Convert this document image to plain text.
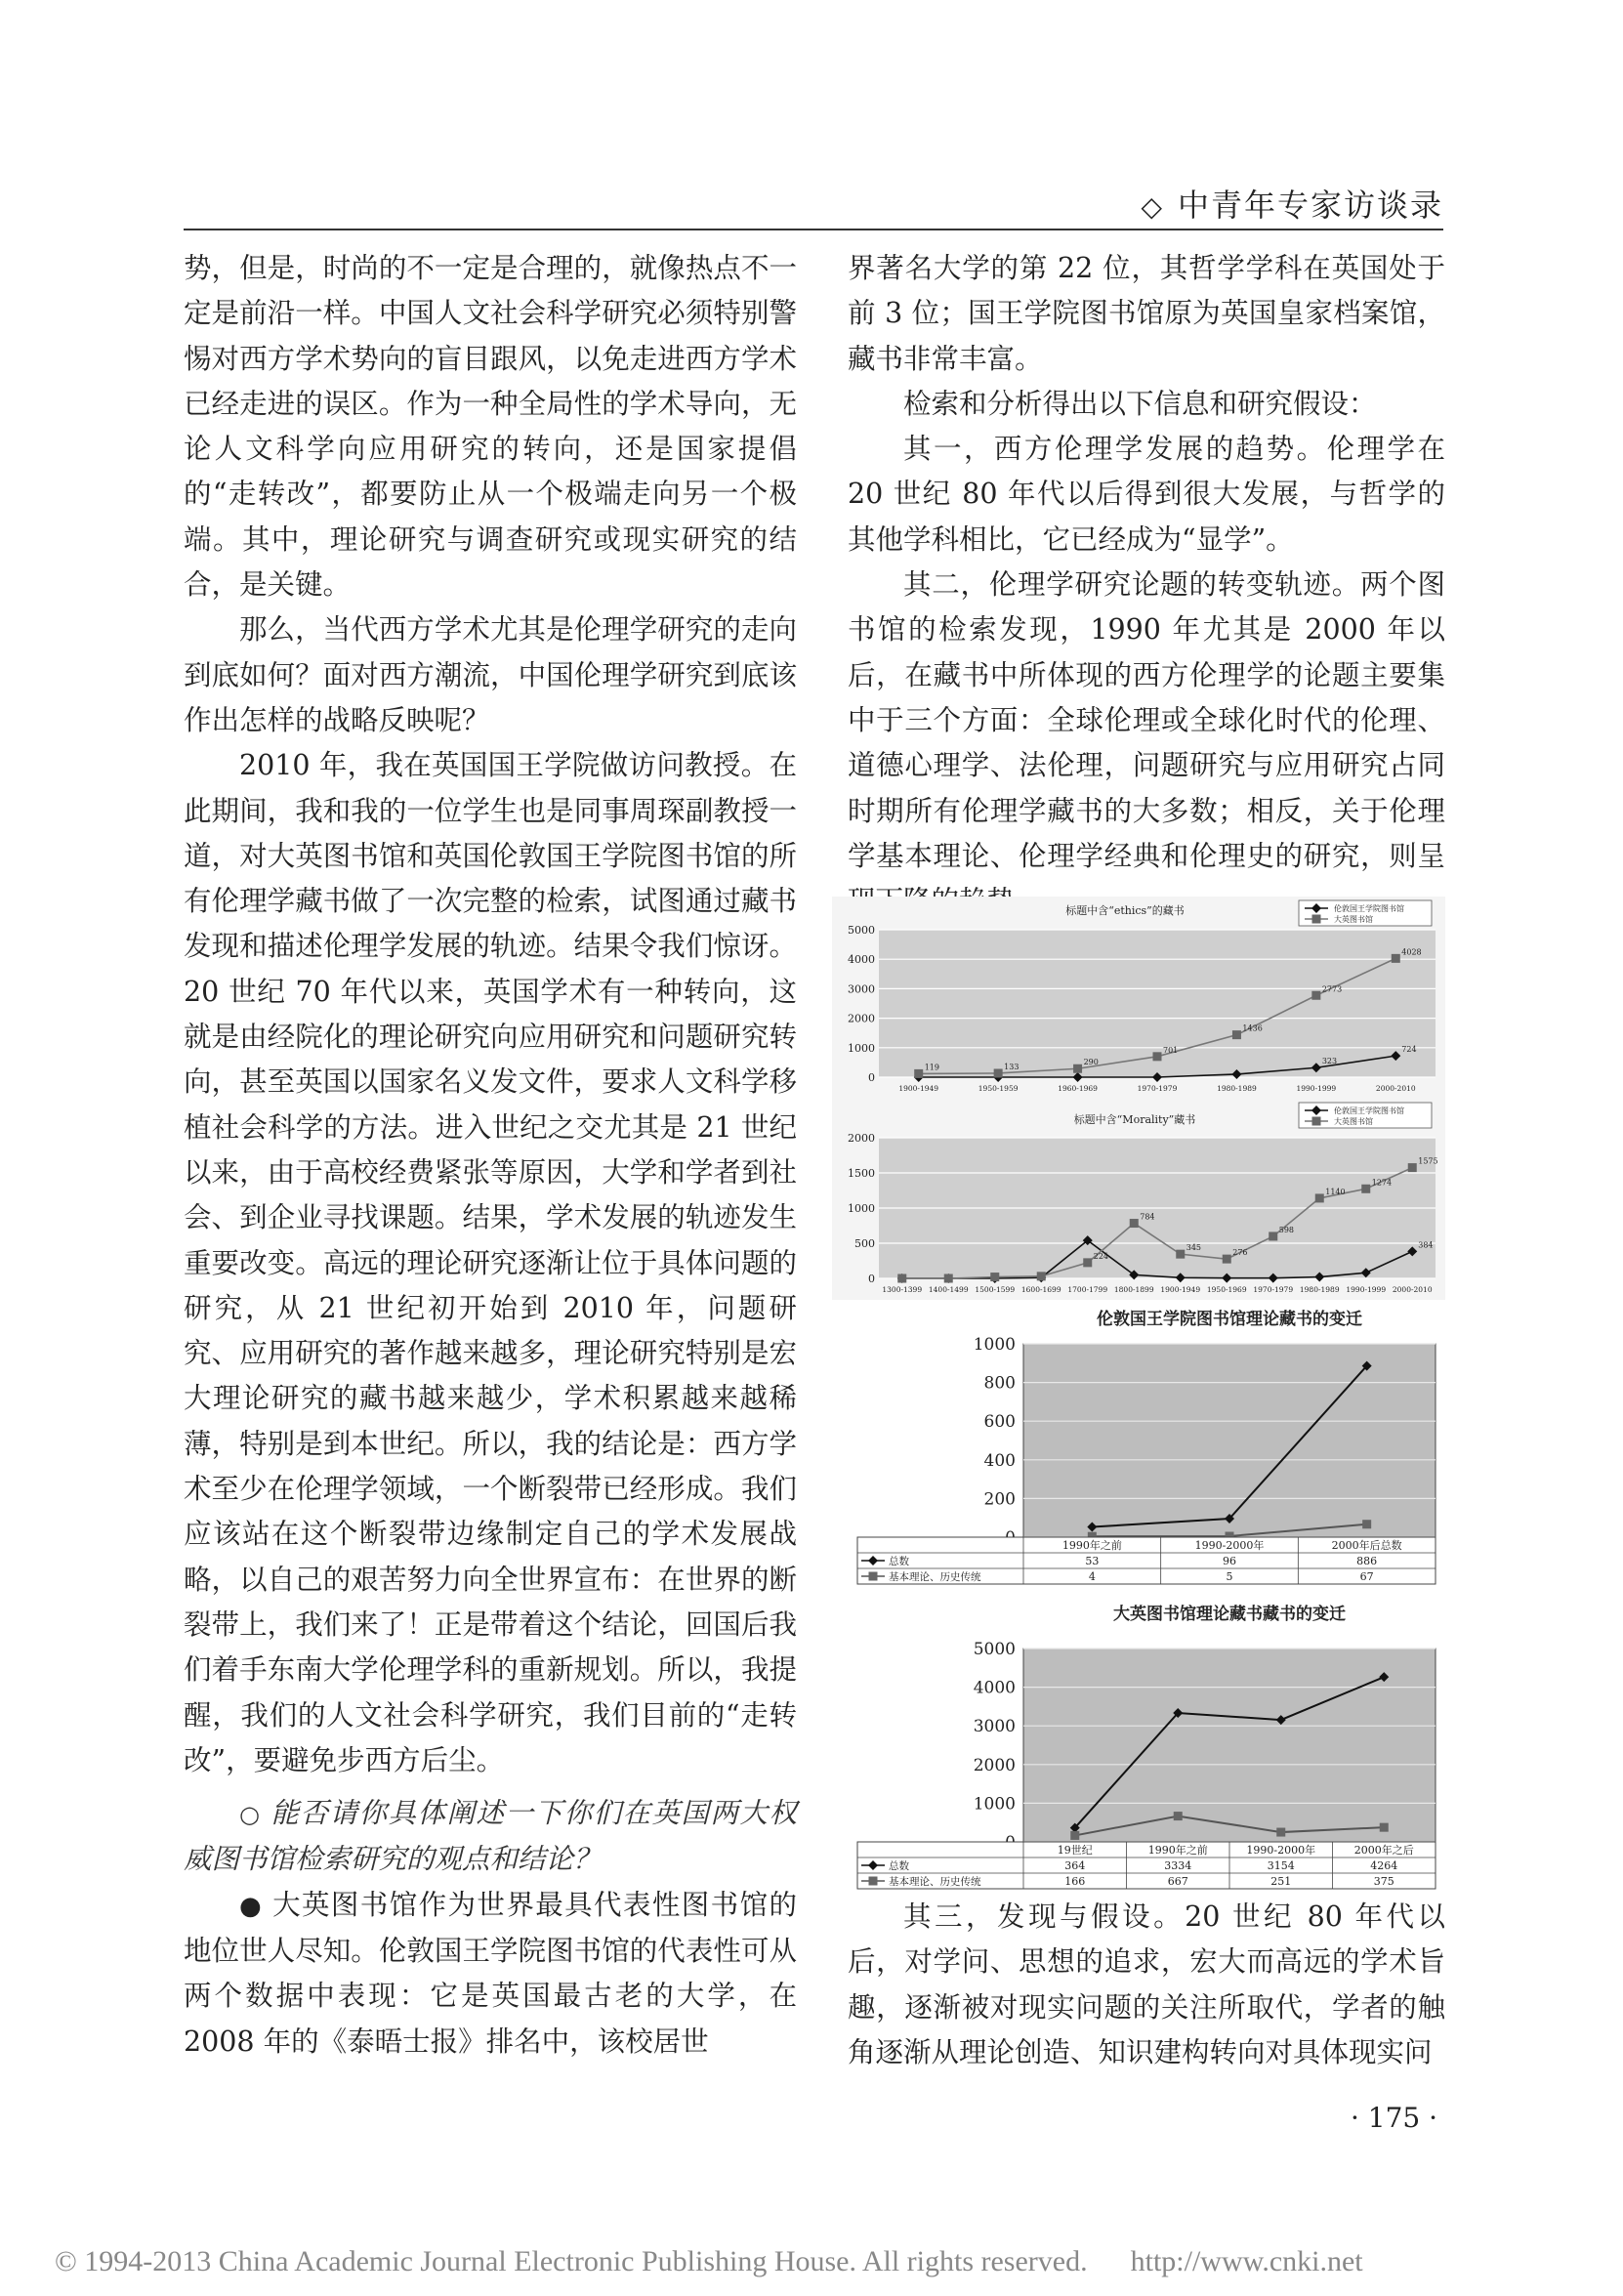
◇ 中青年专家访谈录

势，但是，时尚的不一定是合理的，就像热点不一定是前沿一样。中国人文社会科学研究必须特别警惕对西方学术势向的盲目跟风，以免走进西方学术已经走进的误区。作为一种全局性的学术导向，无论人文科学向应用研究的转向，还是国家提倡的“走转改”，都要防止从一个极端走向另一个极端。其中，理论研究与调查研究或现实研究的结合，是关键。

那么，当代西方学术尤其是伦理学研究的走向到底如何？面对西方潮流，中国伦理学研究到底该作出怎样的战略反映呢？

2010 年，我在英国国王学院做访问教授。在此期间，我和我的一位学生也是同事周琛副教授一道，对大英图书馆和英国伦敦国王学院图书馆的所有伦理学藏书做了一次完整的检索，试图通过藏书发现和描述伦理学发展的轨迹。结果令我们惊讶。20 世纪 70 年代以来，英国学术有一种转向，这就是由经院化的理论研究向应用研究和问题研究转向，甚至英国以国家名义发文件，要求人文科学移植社会科学的方法。进入世纪之交尤其是 21 世纪以来，由于高校经费紧张等原因，大学和学者到社会、到企业寻找课题。结果，学术发展的轨迹发生重要改变。高远的理论研究逐渐让位于具体问题的研究，从 21 世纪初开始到 2010 年，问题研究、应用研究的著作越来越多，理论研究特别是宏大理论研究的藏书越来越少，学术积累越来越稀薄，特别是到本世纪。所以，我的结论是：西方学术至少在伦理学领域，一个断裂带已经形成。我们应该站在这个断裂带边缘制定自己的学术发展战略，以自己的艰苦努力向全世界宣布：在世界的断裂带上，我们来了！正是带着这个结论，回国后我们着手东南大学伦理学科的重新规划。所以，我提醒，我们的人文社会科学研究，我们目前的“走转改”，要避免步西方后尘。

○ 能否请你具体阐述一下你们在英国两大权威图书馆检索研究的观点和结论？

● 大英图书馆作为世界最具代表性图书馆的地位世人尽知。伦敦国王学院图书馆的代表性可从两个数据中表现：它是英国最古老的大学，在 2008 年的《泰晤士报》排名中，该校居世

界著名大学的第 22 位，其哲学学科在英国处于前 3 位；国王学院图书馆原为英国皇家档案馆，藏书非常丰富。

检索和分析得出以下信息和研究假设：

其一，西方伦理学发展的趋势。伦理学在 20 世纪 80 年代以后得到很大发展，与哲学的其他学科相比，它已经成为“显学”。

其二，伦理学研究论题的转变轨迹。两个图书馆的检索发现，1990 年尤其是 2000 年以后，在藏书中所体现的西方伦理学的论题主要集中于三个方面：全球伦理或全球化时代的伦理、道德心理学、法伦理，问题研究与应用研究占同时期所有伦理学藏书的大多数；相反，关于伦理学基本理论、伦理学经典和伦理史的研究，则呈

0
1000
2000
3000
4000
5000
1900-1949	1950-1959	1960-1969	1970-1979	1980-1989	1990-1999	2000-2010
标题中含“ethics”的藏书
323
724
119	133
290
701
1436
2773
4028
伦敦国王学院图书馆
大英图书馆
0
500
1000
1500
2000
1300-1399 1400-1499 1500-1599 1600-1699 1700-1799 1800-1899 1900-1949 1950-1969 1970-1979 1980-1989 1990-1999 2000-2010
标题中含“Morality”藏书
384
224
784
345
276
598
1140
1274
1575
伦敦国王学院图书馆
大英图书馆
伦敦国王学院图书馆理论藏书的变迁
200
400
600
800
1000
1990年之前	1990-2000年	2000年后总数
总数	53	96	886
基本理论、历史传统	4	5	67
大英图书馆理论藏书藏书的变迁
1000
2000
3000
4000
5000
19世纪	1990年之前	1990-2000年	2000年之后
总数	364	3334	3154	4264
基本理论、历史传统	166	667	251	375

其三，发现与假设。20 世纪 80 年代以后，对学问、思想的追求，宏大而高远的学术旨趣，逐渐被对现实问题的关注所取代，学者的触角逐渐从理论创造、知识建构转向对具体现实问

· 175 ·
© 1994-2013 China Academic Journal Electronic Publishing House. All rights reserved. http://www.cnki.net
